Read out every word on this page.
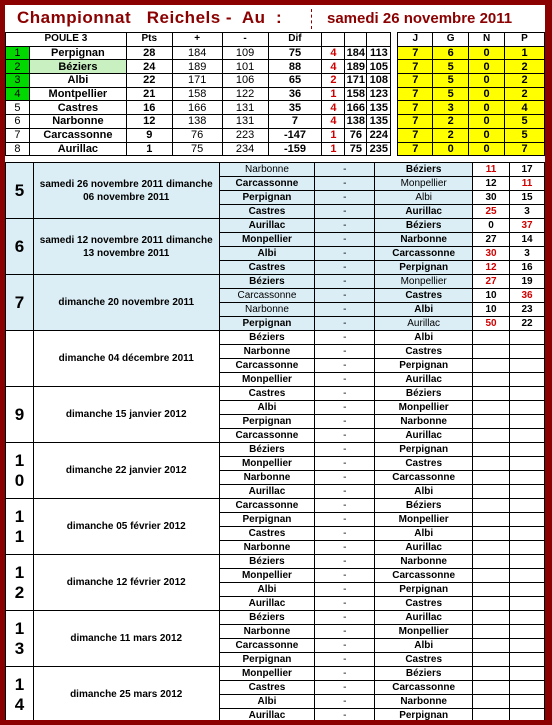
Championnat   Reichels -  Au  :	samedi 26 novembre 2011
POULE 3		Pts	+	-	Dif					J	G	N	P
1	Perpignan	28	184	109	75	4	184	113		7	6	0	1
2	Béziers	24	189	101	88	4	189	105		7	5	0	2
3	Albi	22	171	106	65	2	171	108		7	5	0	2
4	Montpellier	21	158	122	36	1	158	123		7	5	0	2
5	Castres	16	166	131	35	4	166	135		7	3	0	4
6	Narbonne	12	138	131	7	4	138	135		7	2	0	5
7	Carcassonne	9	76	223	-147	1	76	224		7	2	0	5
8	Aurillac	1	75	234	-159	1	75	235		7	0	0	7
5	samedi 26 novembre 2011 dimanche 06 novembre 2011	Narbonne	-	Béziers	11	17
		Carcassonne	-	Monpellier	12	11
		Perpignan	-	Albi	30	15
		Castres	-	Aurillac	25	3
6	samedi 12 novembre 2011 dimanche 13 novembre 2011	Aurillac	-	Béziers	0	37
		Monpellier	-	Narbonne	27	14
		Albi	-	Carcassonne	30	3
		Castres	-	Perpignan	12	16
7	dimanche 20 novembre 2011	Béziers	-	Monpellier	27	19
		Carcassonne	-	Castres	10	36
		Narbonne	-	Albi	10	23
		Perpignan	-	Aurillac	50	22
	dimanche 04 décembre 2011	Béziers	-	Albi		
		Narbonne	-	Castres		
		Carcassonne	-	Perpignan		
		Monpellier	-	Aurillac		
9	dimanche 15 janvier 2012	Castres	-	Béziers		
		Albi	-	Monpellier		
		Perpignan	-	Narbonne		
		Carcassonne	-	Aurillac		
1
0	dimanche 22 janvier 2012	Béziers	-	Perpignan		
		Monpellier	-	Castres		
		Narbonne	-	Carcassonne		
		Aurillac	-	Albi		
1
1	dimanche 05 février 2012	Carcassonne	-	Béziers		
		Perpignan	-	Monpellier		
		Castres	-	Albi		
		Narbonne	-	Aurillac		
1
2	dimanche 12 février 2012	Béziers	-	Narbonne		
		Monpellier	-	Carcassonne		
		Albi	-	Perpignan		
		Aurillac	-	Castres		
1
3	dimanche 11 mars 2012	Béziers	-	Aurillac		
		Narbonne	-	Monpellier		
		Carcassonne	-	Albi		
		Perpignan	-	Castres		
1
4	dimanche 25 mars 2012	Monpellier	-	Béziers		
		Castres	-	Carcassonne		
		Albi	-	Narbonne		
		Aurillac	-	Perpignan		
